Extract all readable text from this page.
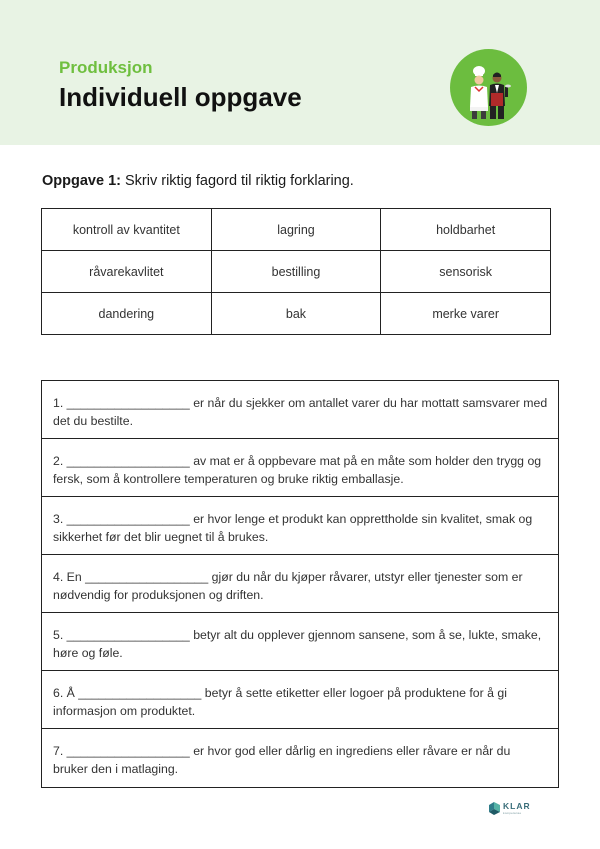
Produksjon
Individuell oppgave
Oppgave 1: Skriv riktig fagord til riktig forklaring.
kontroll av kvantitet	lagring	holdbarhet
råvarekavlitet	bestilling	sensorisk
dandering	bak	merke varer
1. __________________ er når du sjekker om antallet varer du har mottatt samsvarer med det du bestilte.
2. __________________ av mat er å oppbevare mat på en måte som holder den trygg og fersk, som å kontrollere temperaturen og bruke riktig emballasje.
3. __________________ er hvor lenge et produkt kan opprettholde sin kvalitet, smak og sikkerhet før det blir uegnet til å brukes.
4. En __________________ gjør du når du kjøper råvarer, utstyr eller tjenester som er nødvendig for produksjonen og driften.
5. __________________ betyr alt du opplever gjennom sansene, som å se, lukte, smake, høre og føle.
6. Å __________________ betyr å sette etiketter eller logoer på produktene for å gi informasjon om produktet.
7. __________________ er hvor god eller dårlig en ingrediens eller råvare er når du bruker den i matlaging.
KLAR
kompetanse
